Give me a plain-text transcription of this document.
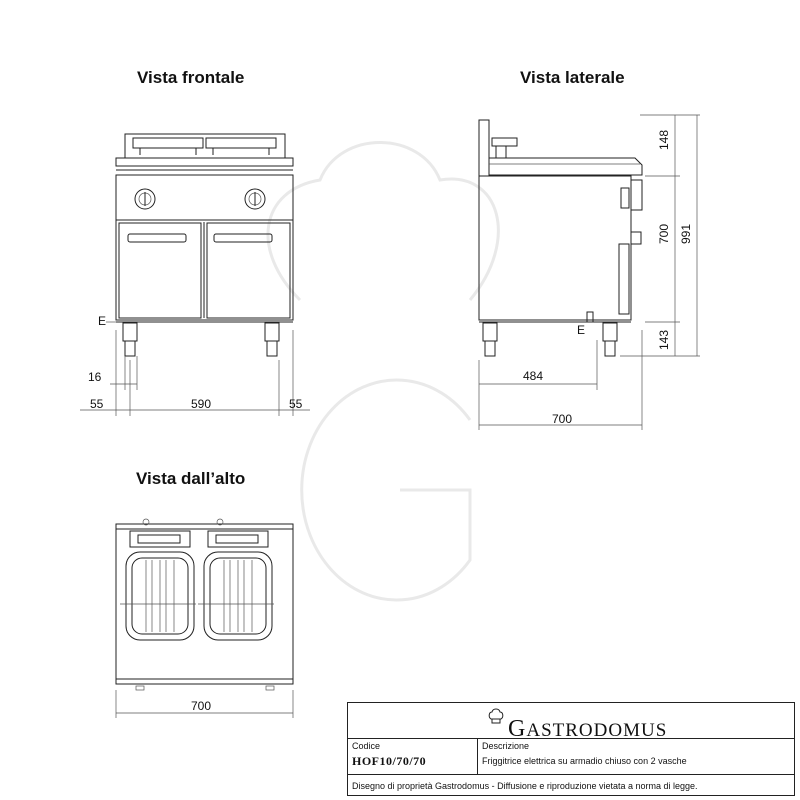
Vista frontale	Vista laterale
Vista dall’alto
E
16
55	590	55
148
700 991
143
484
700
E
700
GASTRODOMUS
Codice
HOF10/70/70
Descrizione
Friggitrice elettrica su armadio chiuso con 2 vasche
Disegno di proprietà Gastrodomus - Diffusione e riproduzione vietata a norma di legge.
